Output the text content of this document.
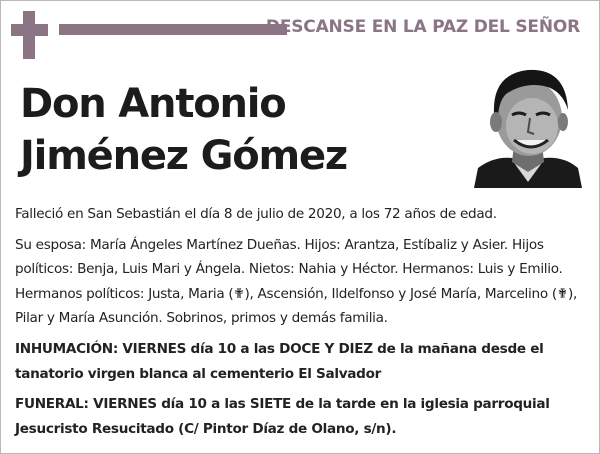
DESCANSE EN LA PAZ DEL SEÑOR
Don Antonio
Jiménez Gómez

Falleció en San Sebastián el día 8 de julio de 2020, a los 72 años de edad.

Su esposa: María Ángeles Martínez Dueñas. Hijos: Arantza, Estíbaliz y Asier. Hijos políticos: Benja, Luis Mari y Ángela. Nietos: Nahia y Héctor. Hermanos: Luis y Emilio. Hermanos políticos: Justa, Maria (✟), Ascensión, Ildelfonso y José María, Marcelino (✟), Pilar y María Asunción. Sobrinos, primos y demás familia.

INHUMACIÓN: VIERNES día 10 a las DOCE Y DIEZ de la mañana desde el tanatorio virgen blanca al cementerio El Salvador

FUNERAL: VIERNES día 10 a las SIETE de la tarde en la iglesia parroquial Jesucristo Resucitado (C/ Pintor Díaz de Olano, s/n).
